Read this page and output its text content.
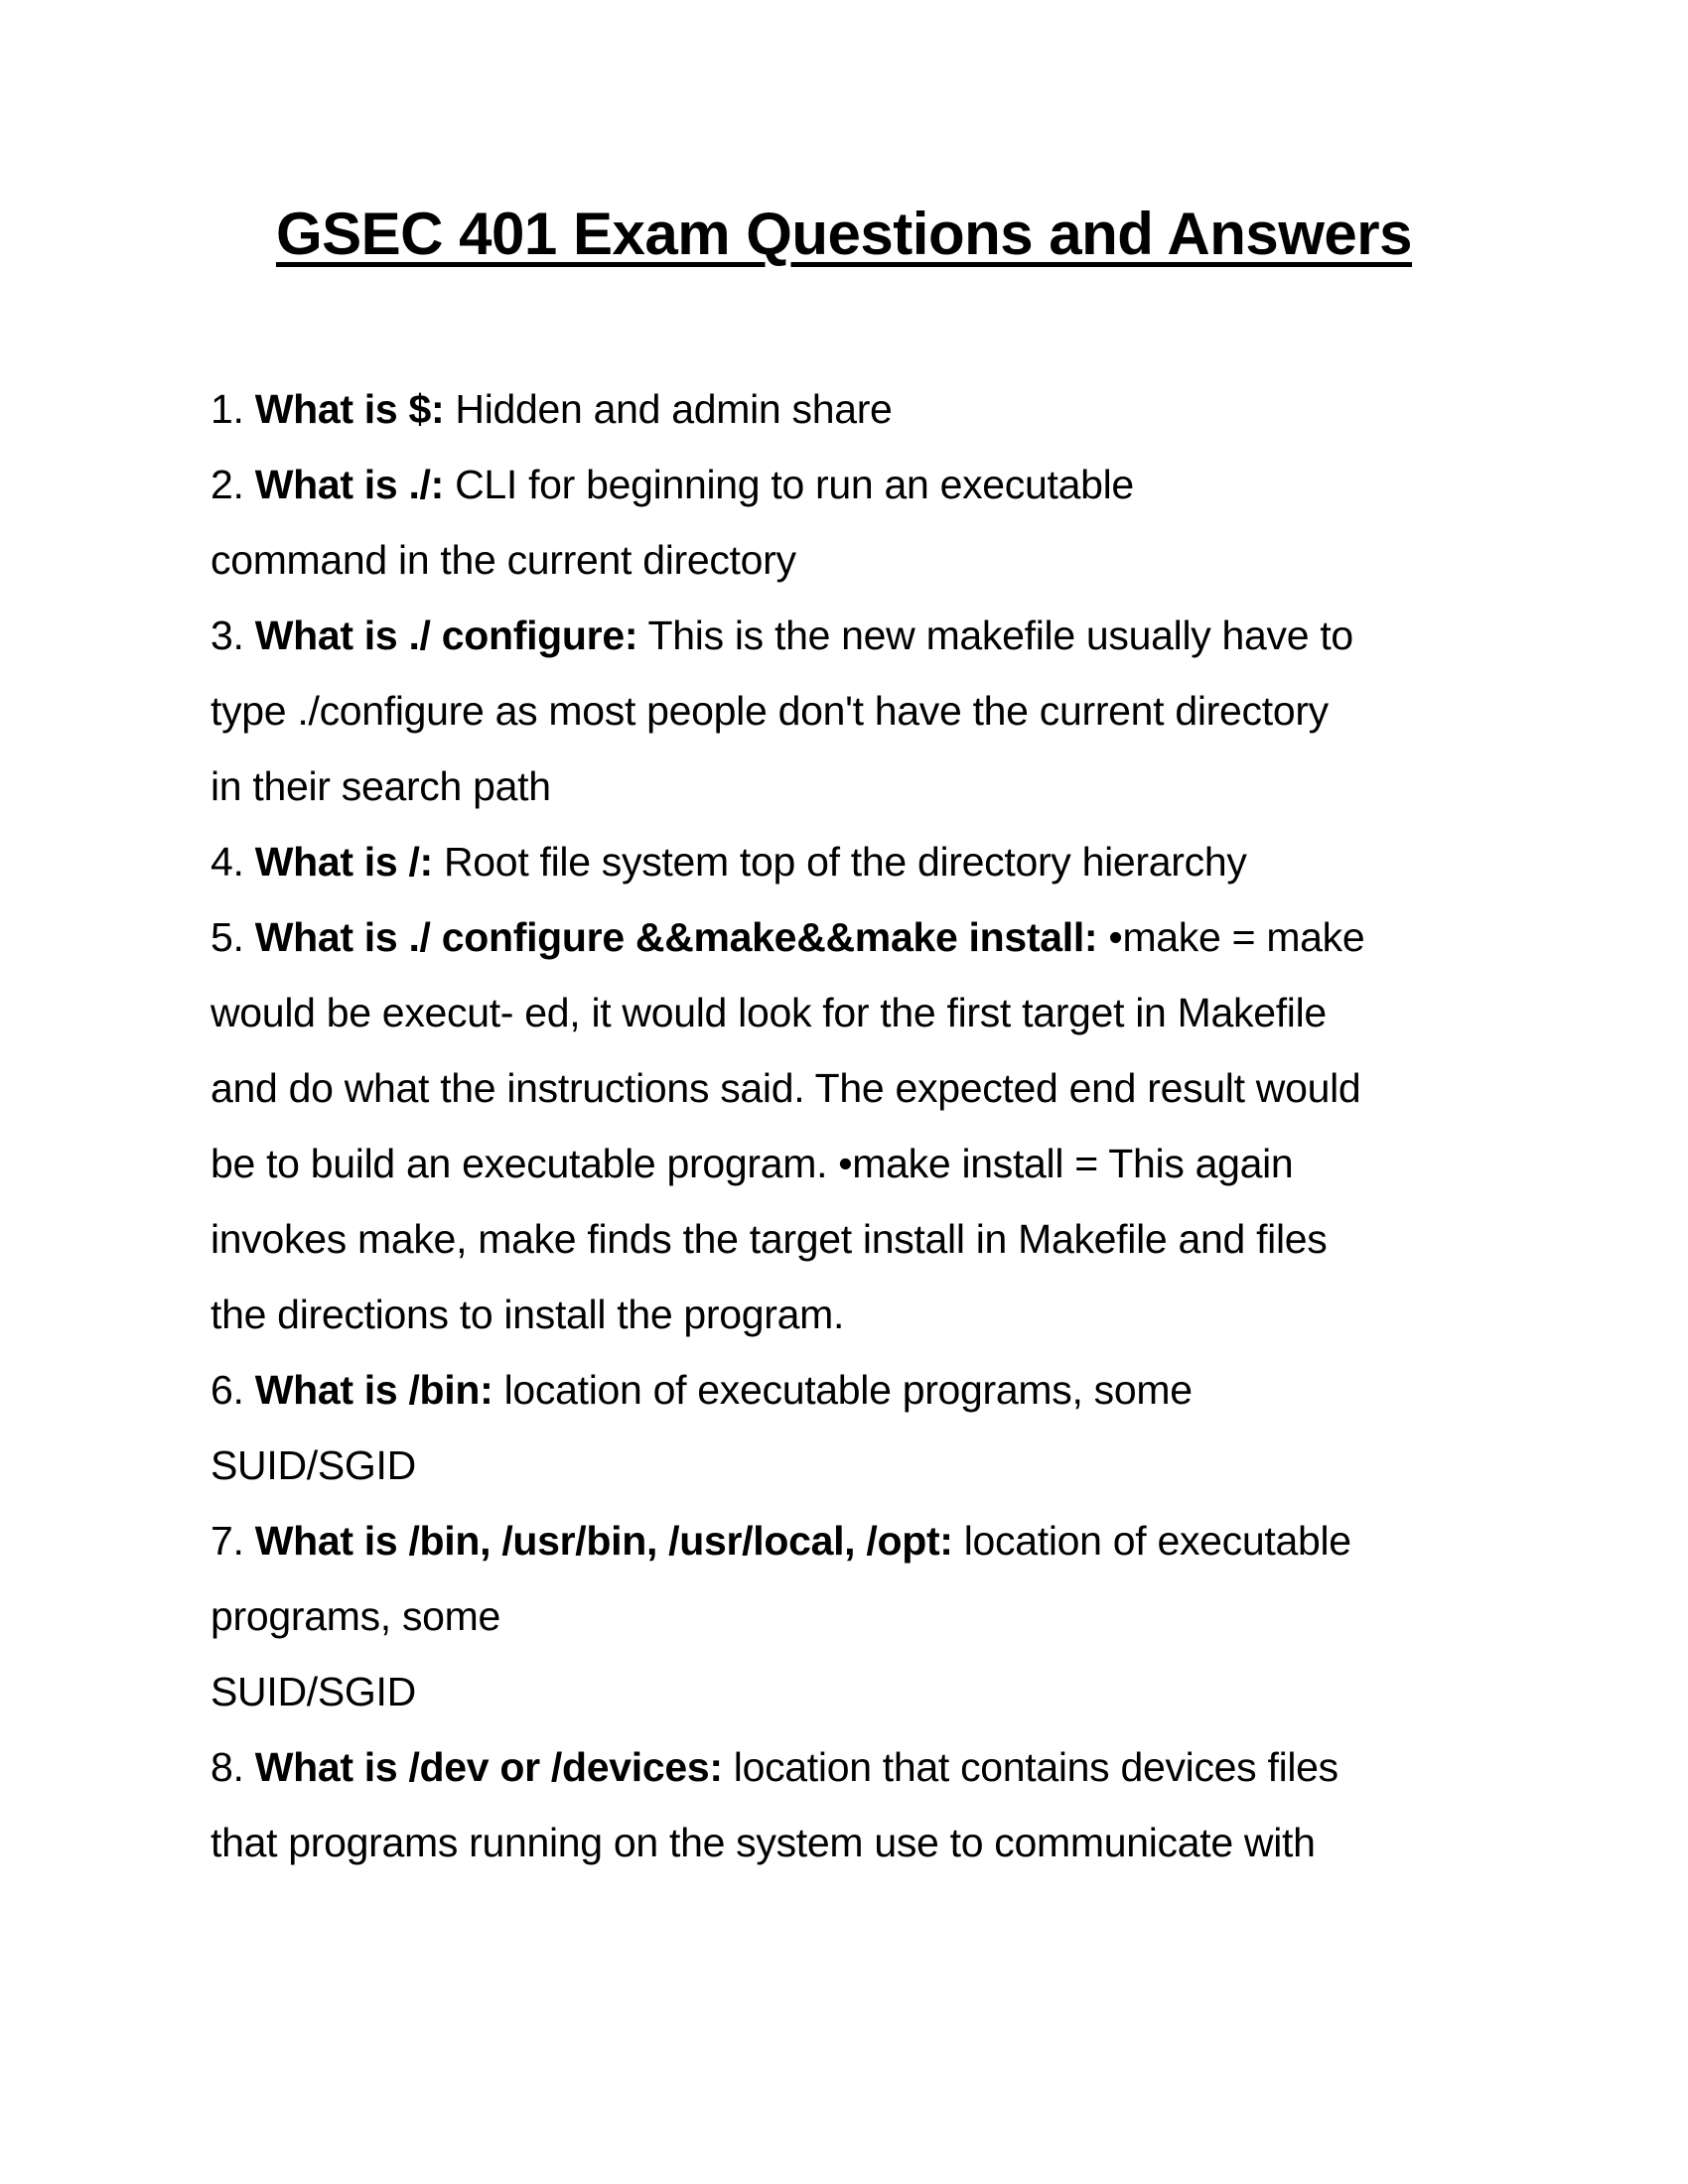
GSEC 401 Exam Questions and Answers
1. What is $: Hidden and admin share
2. What is ./: CLI for beginning to run an executable
command in the current directory
3. What is ./ configure: This is the new makefile usually have to
type ./configure as most people don't have the current directory
in their search path
4. What is /: Root file system top of the directory hierarchy
5. What is ./ configure &&make&&make install: •make = make
would be execut- ed, it would look for the first target in Makefile
and do what the instructions said. The expected end result would
be to build an executable program. •make install = This again
invokes make, make finds the target install in Makefile and files
the directions to install the program.
6. What is /bin: location of executable programs, some
SUID/SGID
7. What is /bin, /usr/bin, /usr/local, /opt: location of executable
programs, some
SUID/SGID
8. What is /dev or /devices: location that contains devices files
that programs running on the system use to communicate with
